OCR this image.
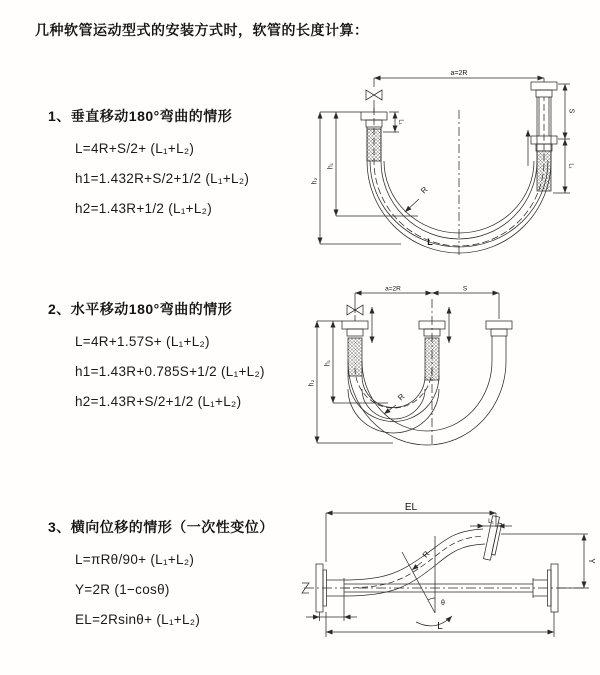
几种软管运动型式的安装方式时，软管的长度计算：
1、垂直移动180°弯曲的情形
L=4R+S/2+ (L₁+L₂)
h1=1.432R+S/2+1/2 (L₁+L₂)
h2=1.43R+1/2 (L₁+L₂)
2、水平移动180°弯曲的情形
L=4R+1.57S+ (L₁+L₂)
h1=1.43R+0.785S+1/2 (L₁+L₂)
h2=1.43R+S/2+1/2 (L₁+L₂)
3、横向位移的情形（一次性变位）
L=πRθ/90+ (L₁+L₂)
Y=2R (1−cosθ)
EL=2Rsinθ+ (L₁+L₂)
a=2R
S
L₁
L₁
h₁
h₂
R
L
a=2R	S
h₁
h₂
R
EL
L₁
Y
L
θ
R
